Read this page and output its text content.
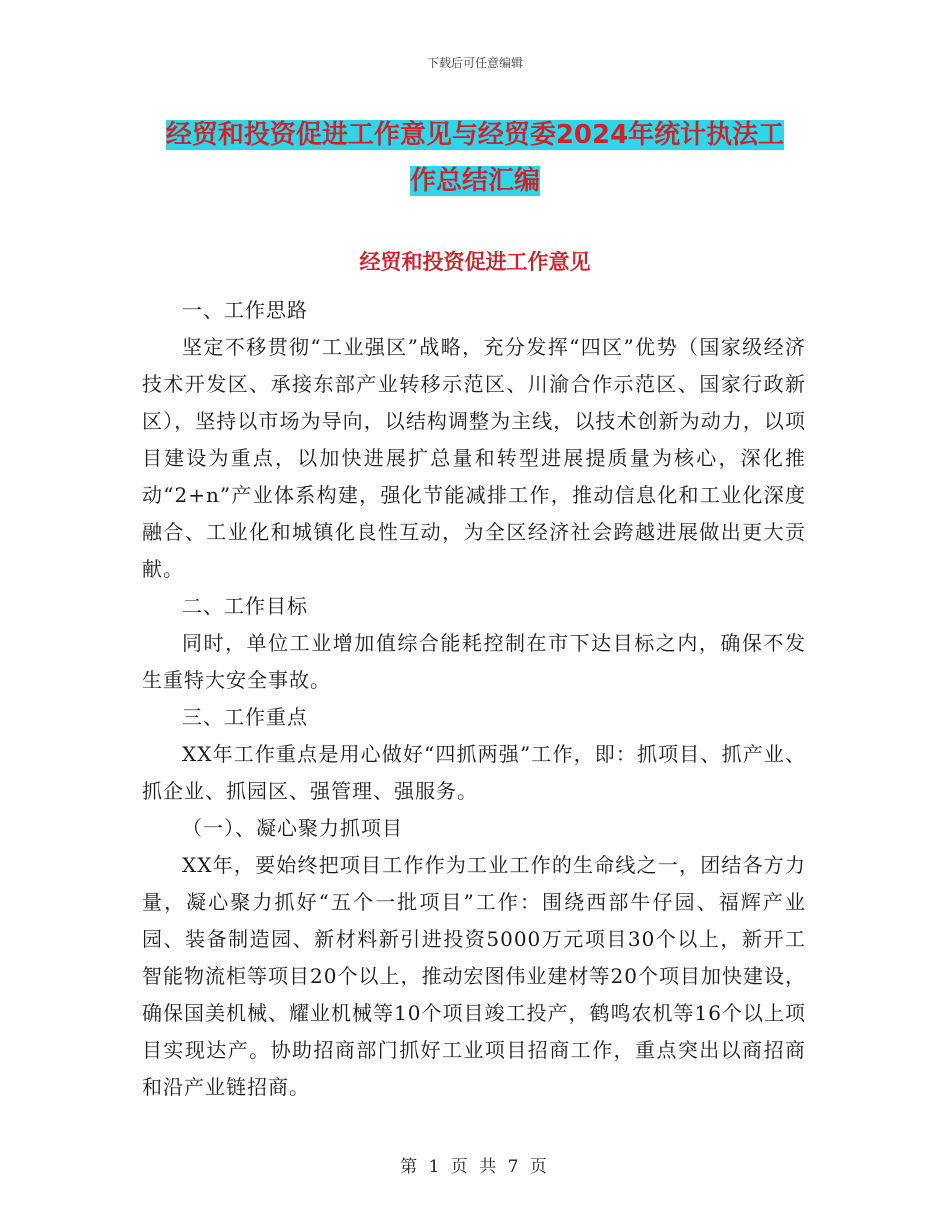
下载后可任意编辑
经贸和投资促进工作意见与经贸委2024年统计执法工
作总结汇编
经贸和投资促进工作意见

一、工作思路

坚定不移贯彻“工业强区”战略，充分发挥“四区”优势（国家级经济技术开发区、承接东部产业转移示范区、川渝合作示范区、国家行政新区），坚持以市场为导向，以结构调整为主线，以技术创新为动力，以项目建设为重点，以加快进展扩总量和转型进展提质量为核心，深化推动“2+n”产业体系构建，强化节能减排工作，推动信息化和工业化深度融合、工业化和城镇化良性互动，为全区经济社会跨越进展做出更大贡献。

二、工作目标

同时，单位工业增加值综合能耗控制在市下达目标之内，确保不发生重特大安全事故。

三、工作重点

XX年工作重点是用心做好“四抓两强”工作，即：抓项目、抓产业、抓企业、抓园区、强管理、强服务。

（一）、凝心聚力抓项目

XX年，要始终把项目工作作为工业工作的生命线之一，团结各方力量，凝心聚力抓好“五个一批项目”工作：围绕西部牛仔园、福辉产业园、装备制造园、新材料新引进投资5000万元项目30个以上，新开工智能物流柜等项目20个以上，推动宏图伟业建材等20个项目加快建设，确保国美机械、耀业机械等10个项目竣工投产，鹤鸣农机等16个以上项目实现达产。协助招商部门抓好工业项目招商工作，重点突出以商招商和沿产业链招商。

第 1 页 共 7 页
